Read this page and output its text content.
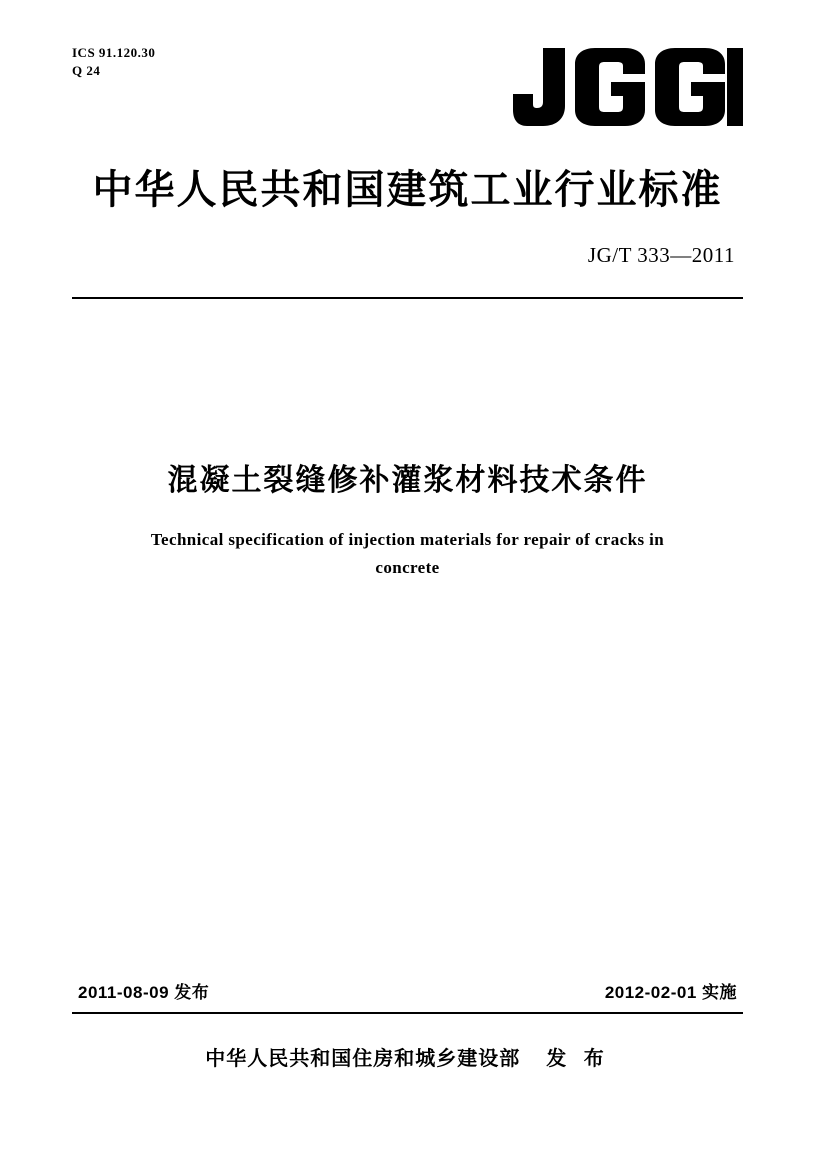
ICS 91.120.30
Q 24
中华人民共和国建筑工业行业标准
JG/T 333—2011
混凝土裂缝修补灌浆材料技术条件
Technical specification of injection materials for repair of cracks in
concrete
2011-08-09 发布	2012-02-01 实施
中华人民共和国住房和城乡建设部 发 布
